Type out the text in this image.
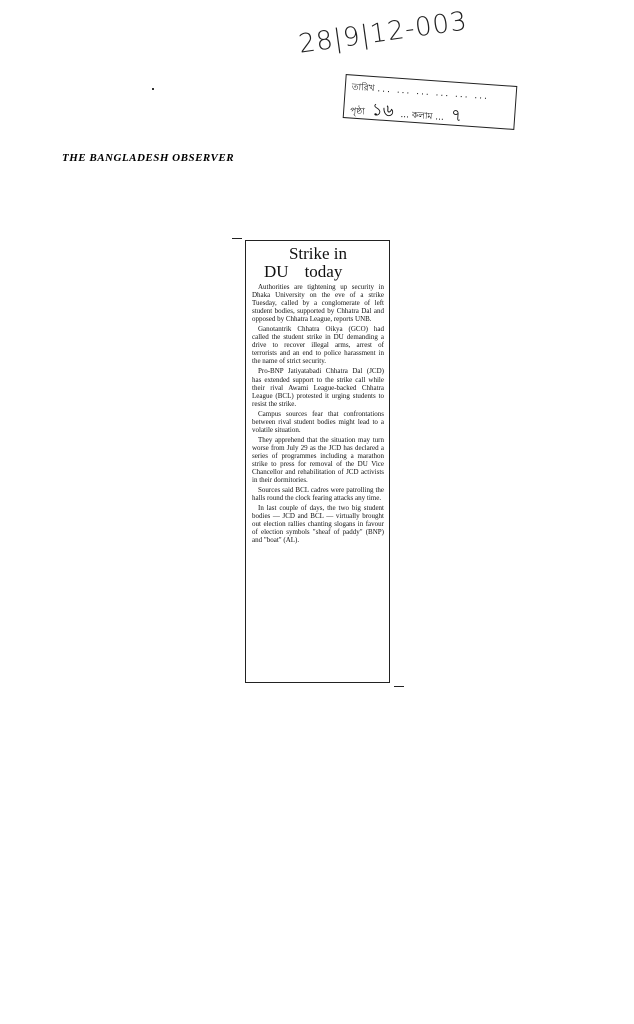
28|9|12-003
তারিখ ... ... ... ... ... ...
পৃষ্ঠা ১৬ ... কলাম ... ৭
THE BANGLADESH OBSERVER
Strike in
DU today

Authorities are tightening up security in Dhaka University on the eve of a strike Tuesday, called by a conglomerate of left student bodies, supported by Chhatra Dal and opposed by Chhatra League, reports UNB.

Ganotantrik Chhatra Oikya (GCO) had called the student strike in DU demanding a drive to recover illegal arms, arrest of terrorists and an end to police harassment in the name of strict security.

Pro-BNP Jatiyatabadi Chhatra Dal (JCD) has extended support to the strike call while their rival Awami League-backed Chhatra League (BCL) protested it urging students to resist the strike.

Campus sources fear that confrontations between rival student bodies might lead to a volatile situation.

They apprehend that the situation may turn worse from July 29 as the JCD has declared a series of programmes including a marathon strike to press for removal of the DU Vice Chancellor and rehabilitation of JCD activists in their dormitories.

Sources said BCL cadres were patrolling the halls round the clock fearing attacks any time.

In last couple of days, the two big student bodies — JCD and BCL — virtually brought out election rallies chanting slogans in favour of election symbols "sheaf of paddy" (BNP) and "boat" (AL).
